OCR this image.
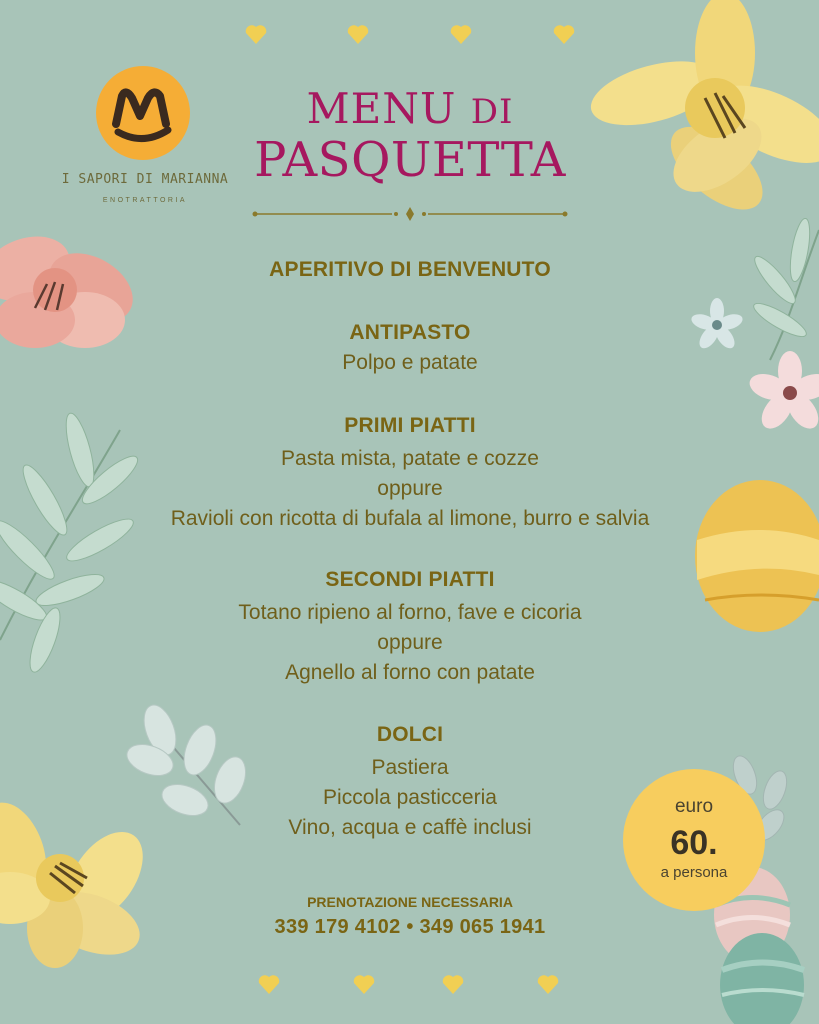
I SAPORI DI MARIANNA
ENOTRATTORIA
MENU DI
PASQUETTA
APERITIVO DI BENVENUTO
ANTIPASTO
Polpo e patate
PRIMI PIATTI
Pasta mista, patate e cozze
oppure
Ravioli con ricotta di bufala al limone, burro e salvia
SECONDI PIATTI
Totano ripieno al forno, fave e cicoria
oppure
Agnello al forno con patate
DOLCI
Pastiera
Piccola pasticceria
Vino, acqua e caffè inclusi
PRENOTAZIONE NECESSARIA
339 179 4102 • 349 065 1941
euro
60.
a persona
